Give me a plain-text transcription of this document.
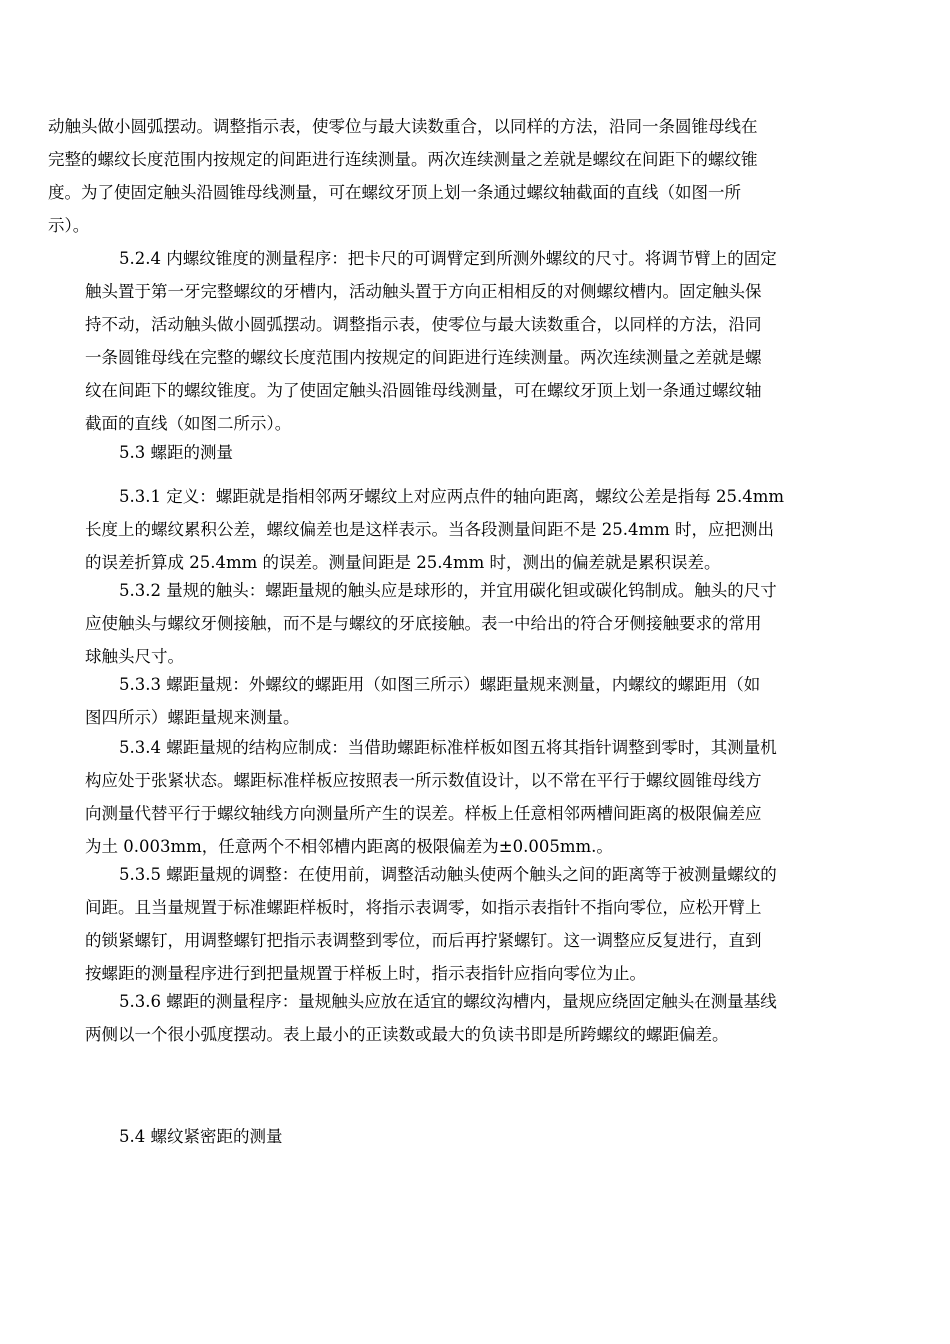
动触头做小圆弧摆动。调整指示表，使零位与最大读数重合，以同样的方法，沿同一条圆锥母线在
完整的螺纹长度范围内按规定的间距进行连续测量。两次连续测量之差就是螺纹在间距下的螺纹锥
度。为了使固定触头沿圆锥母线测量，可在螺纹牙顶上划一条通过螺纹轴截面的直线（如图一所
示）。
5.2.4 内螺纹锥度的测量程序：把卡尺的可调臂定到所测外螺纹的尺寸。将调节臂上的固定
触头置于第一牙完整螺纹的牙槽内，活动触头置于方向正相相反的对侧螺纹槽内。固定触头保
持不动，活动触头做小圆弧摆动。调整指示表，使零位与最大读数重合，以同样的方法，沿同
一条圆锥母线在完整的螺纹长度范围内按规定的间距进行连续测量。两次连续测量之差就是螺
纹在间距下的螺纹锥度。为了使固定触头沿圆锥母线测量，可在螺纹牙顶上划一条通过螺纹轴
截面的直线（如图二所示）。
5.3 螺距的测量
5.3.1 定义：螺距就是指相邻两牙螺纹上对应两点件的轴向距离，螺纹公差是指每 25.4mm
长度上的螺纹累积公差，螺纹偏差也是这样表示。当各段测量间距不是 25.4mm 时，应把测出
的误差折算成 25.4mm 的误差。测量间距是 25.4mm 时，测出的偏差就是累积误差。
5.3.2 量规的触头：螺距量规的触头应是球形的，并宜用碳化钽或碳化钨制成。触头的尺寸
应使触头与螺纹牙侧接触，而不是与螺纹的牙底接触。表一中给出的符合牙侧接触要求的常用
球触头尺寸。
5.3.3 螺距量规：外螺纹的螺距用（如图三所示）螺距量规来测量，内螺纹的螺距用（如
图四所示）螺距量规来测量。
5.3.4 螺距量规的结构应制成：当借助螺距标准样板如图五将其指针调整到零时，其测量机
构应处于张紧状态。螺距标准样板应按照表一所示数值设计，以不常在平行于螺纹圆锥母线方
向测量代替平行于螺纹轴线方向测量所产生的误差。样板上任意相邻两槽间距离的极限偏差应
为土 0.003mm，任意两个不相邻槽内距离的极限偏差为±0.005mm.。
5.3.5 螺距量规的调整：在使用前，调整活动触头使两个触头之间的距离等于被测量螺纹的
间距。且当量规置于标准螺距样板时，将指示表调零，如指示表指针不指向零位，应松开臂上
的锁紧螺钉，用调整螺钉把指示表调整到零位，而后再拧紧螺钉。这一调整应反复进行，直到
按螺距的测量程序进行到把量规置于样板上时，指示表指针应指向零位为止。
5.3.6 螺距的测量程序：量规触头应放在适宜的螺纹沟槽内，量规应绕固定触头在测量基线
两侧以一个很小弧度摆动。表上最小的正读数或最大的负读书即是所跨螺纹的螺距偏差。
5.4 螺纹紧密距的测量
